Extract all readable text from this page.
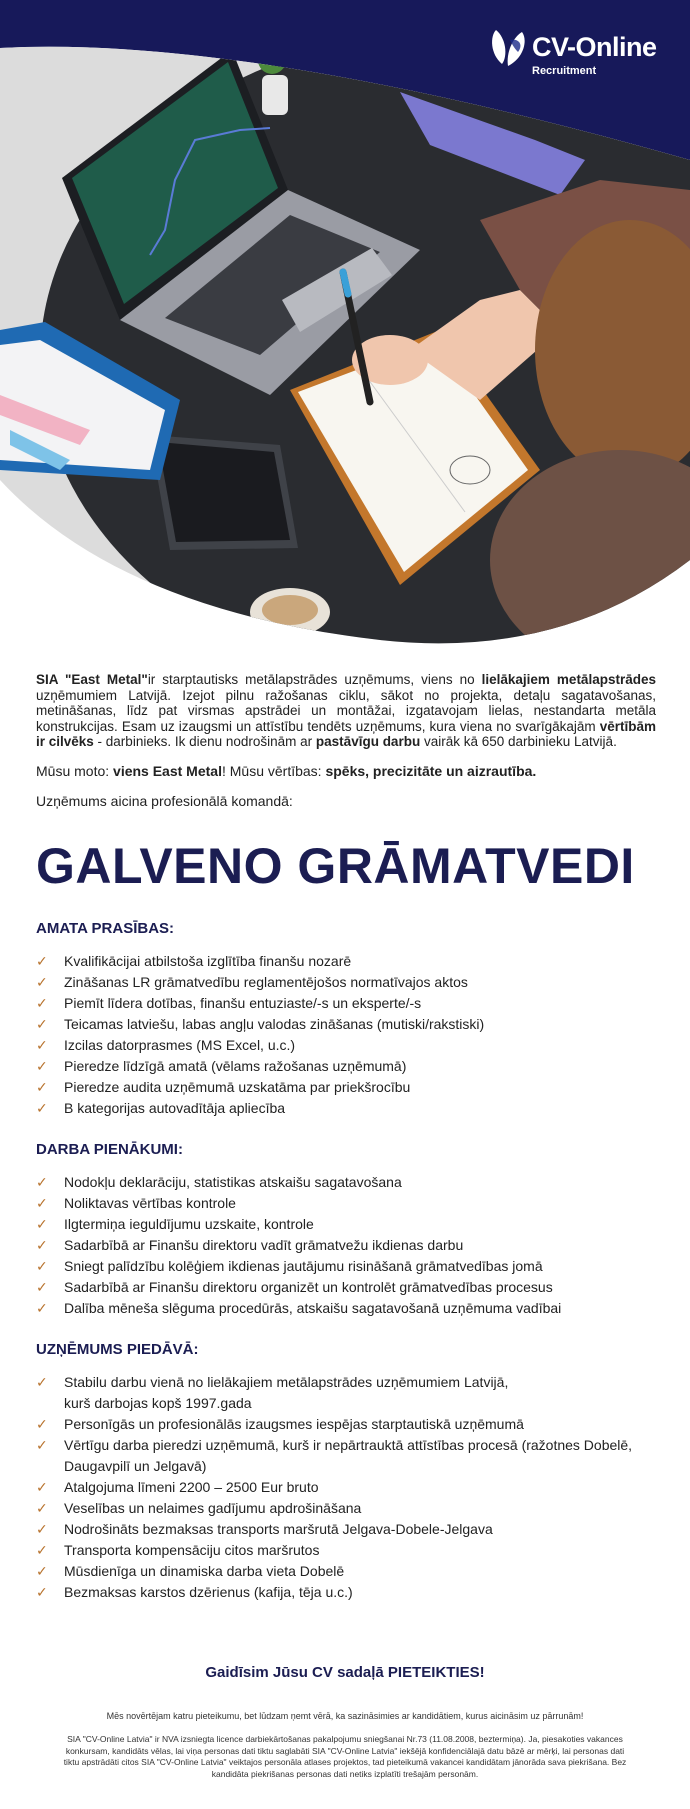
CV-Online
Recruitment

SIA "East Metal"ir starptautisks metālapstrādes uzņēmums, viens no lielākajiem metālapstrādes uzņēmumiem Latvijā. Izejot pilnu ražošanas ciklu, sākot no projekta, detaļu sagatavošanas, metināšanas, līdz pat virsmas apstrādei un montāžai, izgatavojam lielas, nestandarta metāla konstrukcijas. Esam uz izaugsmi un attīstību tendēts uzņēmums, kura viena no svarīgākajām vērtībām ir cilvēks - darbinieks. Ik dienu nodrošinām ar pastāvīgu darbu vairāk kā 650 darbinieku Latvijā.

Mūsu moto: viens East Metal! Mūsu vērtības: spēks, precizitāte un aizrautība.

Uzņēmums aicina profesionālā komandā:

GALVENO GRĀMATVEDI
AMATA PRASĪBAS:
✓ Kvalifikācijai atbilstoša izglītība finanšu nozarē
✓ Zināšanas LR grāmatvedību reglamentējošos normatīvajos aktos
✓ Piemīt līdera dotības, finanšu entuziaste/-s un eksperte/-s
✓ Teicamas latviešu, labas angļu valodas zināšanas (mutiski/rakstiski)
✓ Izcilas datorprasmes (MS Excel, u.c.)
✓ Pieredze līdzīgā amatā (vēlams ražošanas uzņēmumā)
✓ Pieredze audita uzņēmumā uzskatāma par priekšrocību
✓ B kategorijas autovadītāja apliecība
DARBA PIENĀKUMI:
✓ Nodokļu deklarāciju, statistikas atskaišu sagatavošana
✓ Noliktavas vērtības kontrole
✓ Ilgtermiņa ieguldījumu uzskaite, kontrole
✓ Sadarbībā ar Finanšu direktoru vadīt grāmatvežu ikdienas darbu
✓ Sniegt palīdzību kolēģiem ikdienas jautājumu risināšanā grāmatvedības jomā
✓ Sadarbībā ar Finanšu direktoru organizēt un kontrolēt grāmatvedības procesus
✓ Dalība mēneša slēguma procedūrās, atskaišu sagatavošanā uzņēmuma vadībai
UZŅĒMUMS PIEDĀVĀ:
✓ Stabilu darbu vienā no lielākajiem metālapstrādes uzņēmumiem Latvijā,
kurš darbojas kopš 1997.gada
✓ Personīgās un profesionālās izaugsmes iespējas starptautiskā uzņēmumā
✓ Vērtīgu darba pieredzi uzņēmumā, kurš ir nepārtrauktā attīstības procesā (ražotnes Dobelē,
Daugavpilī un Jelgavā)
✓ Atalgojuma līmeni 2200 – 2500 Eur bruto
✓ Veselības un nelaimes gadījumu apdrošināšana
✓ Nodrošināts bezmaksas transports maršrutā Jelgava-Dobele-Jelgava
✓ Transporta kompensāciju citos maršrutos
✓ Mūsdienīga un dinamiska darba vieta Dobelē
✓ Bezmaksas karstos dzērienus (kafija, tēja u.c.)
Gaidīsim Jūsu CV sadaļā PIETEIKTIES!
Mēs novērtējam katru pieteikumu, bet lūdzam ņemt vērā, ka sazināsimies ar kandidātiem, kurus aicināsim uz pārrunām!
SIA "CV-Online Latvia" ir NVA izsniegta licence darbiekārtošanas pakalpojumu sniegšanai Nr.73 (11.08.2008, beztermiņa). Ja, piesakoties vakances konkursam, kandidāts vēlas, lai viņa personas dati tiktu saglabāti SIA "CV-Online Latvia" iekšējā konfidenciālajā datu bāzē ar mērķi, lai personas dati tiktu apstrādāti citos SIA "CV-Online Latvia" veiktajos personāla atlases projektos, tad pieteikumā vakancei kandidātam jānorāda sava piekrišana. Bez kandidāta piekrišanas personas dati netiks izplatīti trešajām personām.
